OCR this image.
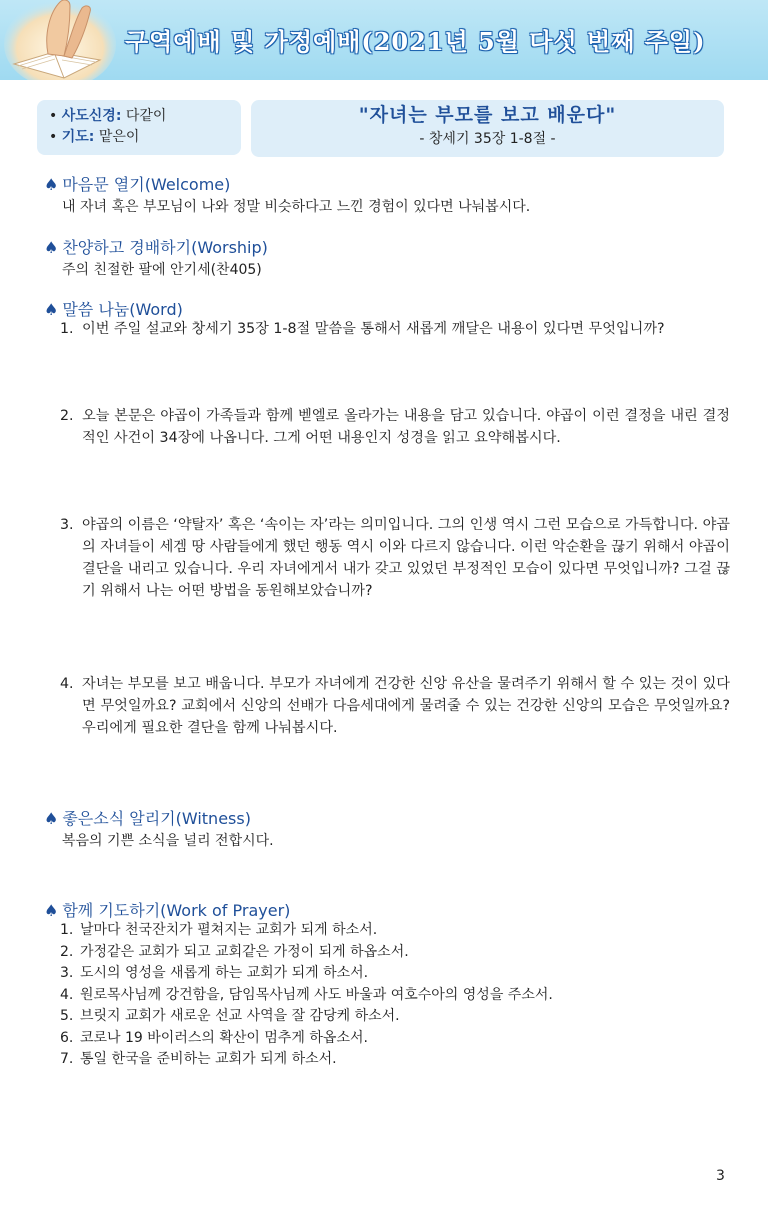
구역예배 및 가정예배(2021년 5월 다섯 번째 주일)
• 사도신경: 다같이
• 기도: 맡은이
"자녀는 부모를 보고 배운다"
- 창세기 35장 1-8절 -
♠ 마음문 열기(Welcome)
내 자녀 혹은 부모님이 나와 정말 비슷하다고 느낀 경험이 있다면 나눠봅시다.
♠ 찬양하고 경배하기(Worship)
주의 친절한 팔에 안기세(찬405)
♠ 말씀 나눔(Word)
1. 이번 주일 설교와 창세기 35장 1-8절 말씀을 통해서 새롭게 깨달은 내용이 있다면 무엇입니까?
2. 오늘 본문은 야곱이 가족들과 함께 벧엘로 올라가는 내용을 담고 있습니다. 야곱이 이런 결정을 내린 결정적인 사건이 34장에 나옵니다. 그게 어떤 내용인지 성경을 읽고 요약해봅시다.
3. 야곱의 이름은 ‘약탈자’ 혹은 ‘속이는 자’라는 의미입니다. 그의 인생 역시 그런 모습으로 가득합니다. 야곱의 자녀들이 세겜 땅 사람들에게 했던 행동 역시 이와 다르지 않습니다. 이런 악순환을 끊기 위해서 야곱이 결단을 내리고 있습니다. 우리 자녀에게서 내가 갖고 있었던 부정적인 모습이 있다면 무엇입니까? 그걸 끊기 위해서 나는 어떤 방법을 동원해보았습니까?
4. 자녀는 부모를 보고 배웁니다. 부모가 자녀에게 건강한 신앙 유산을 물려주기 위해서 할 수 있는 것이 있다면 무엇일까요? 교회에서 신앙의 선배가 다음세대에게 물려줄 수 있는 건강한 신앙의 모습은 무엇일까요? 우리에게 필요한 결단을 함께 나눠봅시다.
♠ 좋은소식 알리기(Witness)
복음의 기쁜 소식을 널리 전합시다.
♠ 함께 기도하기(Work of Prayer)
1. 날마다 천국잔치가 펼쳐지는 교회가 되게 하소서.
2. 가정같은 교회가 되고 교회같은 가정이 되게 하옵소서.
3. 도시의 영성을 새롭게 하는 교회가 되게 하소서.
4. 원로목사님께 강건함을, 담임목사님께 사도 바울과 여호수아의 영성을 주소서.
5. 브릿지 교회가 새로운 선교 사역을 잘 감당케 하소서.
6. 코로나 19 바이러스의 확산이 멈추게 하옵소서.
7. 통일 한국을 준비하는 교회가 되게 하소서.
3
